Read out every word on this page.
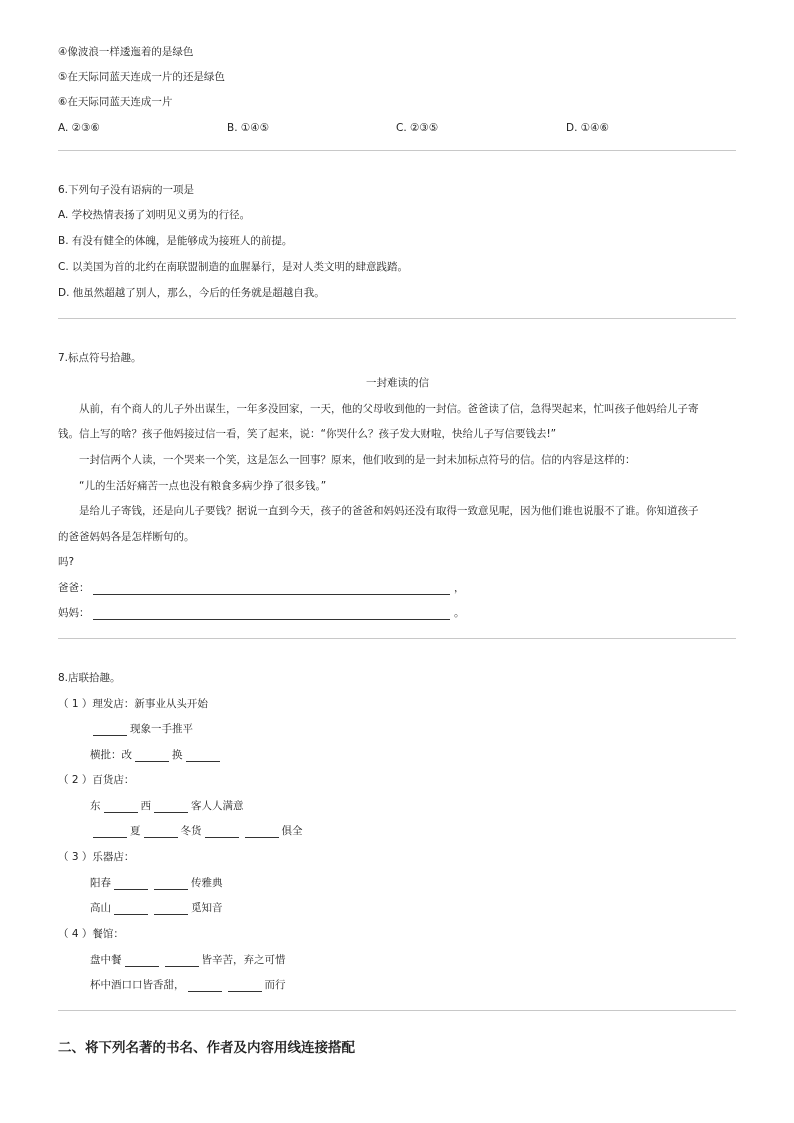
④像波浪一样逶迤着的是绿色
⑤在天际同蓝天连成一片的还是绿色
⑥在天际同蓝天连成一片
A. ②③⑥	B. ①④⑤	C. ②③⑤	D. ①④⑥
6.下列句子没有语病的一项是
A. 学校热情表扬了刘明见义勇为的行径。
B. 有没有健全的体魄，是能够成为接班人的前提。
C. 以美国为首的北约在南联盟制造的血腥暴行，是对人类文明的肆意践踏。
D. 他虽然超越了别人，那么，今后的任务就是超越自我。
7.标点符号拾趣。
一封难读的信
从前，有个商人的儿子外出谋生，一年多没回家，一天，他的父母收到他的一封信。爸爸读了信，急得哭起来，忙叫孩子他妈给儿子寄
钱。信上写的啥？孩子他妈接过信一看，笑了起来，说：“你哭什么？孩子发大财啦，快给儿子写信要钱去!”
一封信两个人读，一个哭来一个笑，这是怎么一回事？原来，他们收到的是一封未加标点符号的信。信的内容是这样的：
“儿的生活好痛苦一点也没有粮食多病少挣了很多钱。”
是给儿子寄钱，还是向儿子要钱？据说一直到今天，孩子的爸爸和妈妈还没有取得一致意见呢，因为他们谁也说服不了谁。你知道孩子
的爸爸妈妈各是怎样断句的。
吗?
爸爸：	，
妈妈：	。
8.店联拾趣。
（ 1 ）理发店：新事业从头开始
现象一手推平
横批：改	换
（ 2 ）百货店：
东	西	客人人满意
夏	冬货	俱全
（ 3 ）乐器店：
阳春	传雅典
高山	觅知音
（ 4 ）餐馆：
盘中餐	皆辛苦，弃之可惜
杯中酒口口皆香甜，	而行
二、将下列名著的书名、作者及内容用线连接搭配
